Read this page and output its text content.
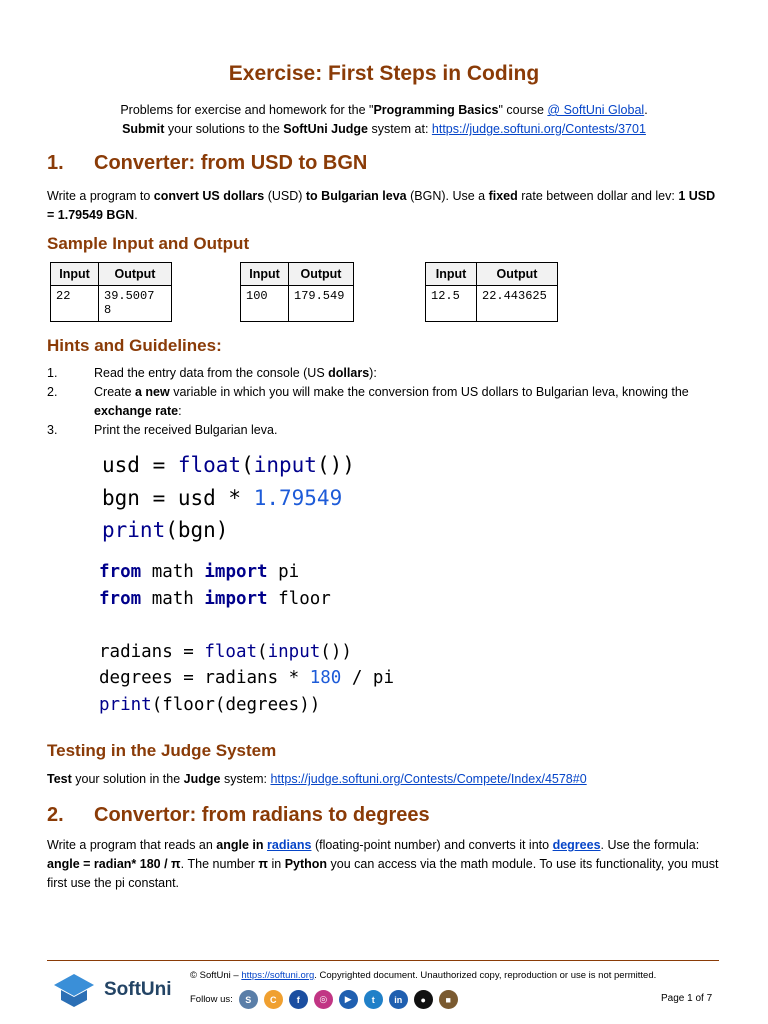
Exercise: First Steps in Coding
Problems for exercise and homework for the "Programming Basics" course @ SoftUni Global.
Submit your solutions to the SoftUni Judge system at: https://judge.softuni.org/Contests/3701
1. Converter: from USD to BGN
Write a program to convert US dollars (USD) to Bulgarian leva (BGN). Use a fixed rate between dollar and lev: 1 USD = 1.79549 BGN.
Sample Input and Output
Input	Output
22	39.5007
8
Input	Output
100	179.549
Input	Output
12.5	22.443625
Hints and Guidelines:
1.	Read the entry data from the console (US dollars):
2.	Create a new variable in which you will make the conversion from US dollars to Bulgarian leva, knowing the exchange rate:
3.	Print the received Bulgarian leva.
usd = float(input())
bgn = usd * 1.79549
print(bgn)
from math import pi
from math import floor
radians = float(input())
degrees = radians * 180 / pi
print(floor(degrees))
Testing in the Judge System
Test your solution in the Judge system: https://judge.softuni.org/Contests/Compete/Index/4578#0
2. Convertor: from radians to degrees
Write a program that reads an angle in radians (floating-point number) and converts it into degrees. Use the formula: angle = radian* 180 / π. The number π in Python you can access via the math module. To use its functionality, you must first use the pi constant.
SoftUni
© SoftUni – https://softuni.org. Copyrighted document. Unauthorized copy, reproduction or use is not permitted.
Follow us:	S	C	f	◎	▶	t	in	●	■	Page 1 of 7
